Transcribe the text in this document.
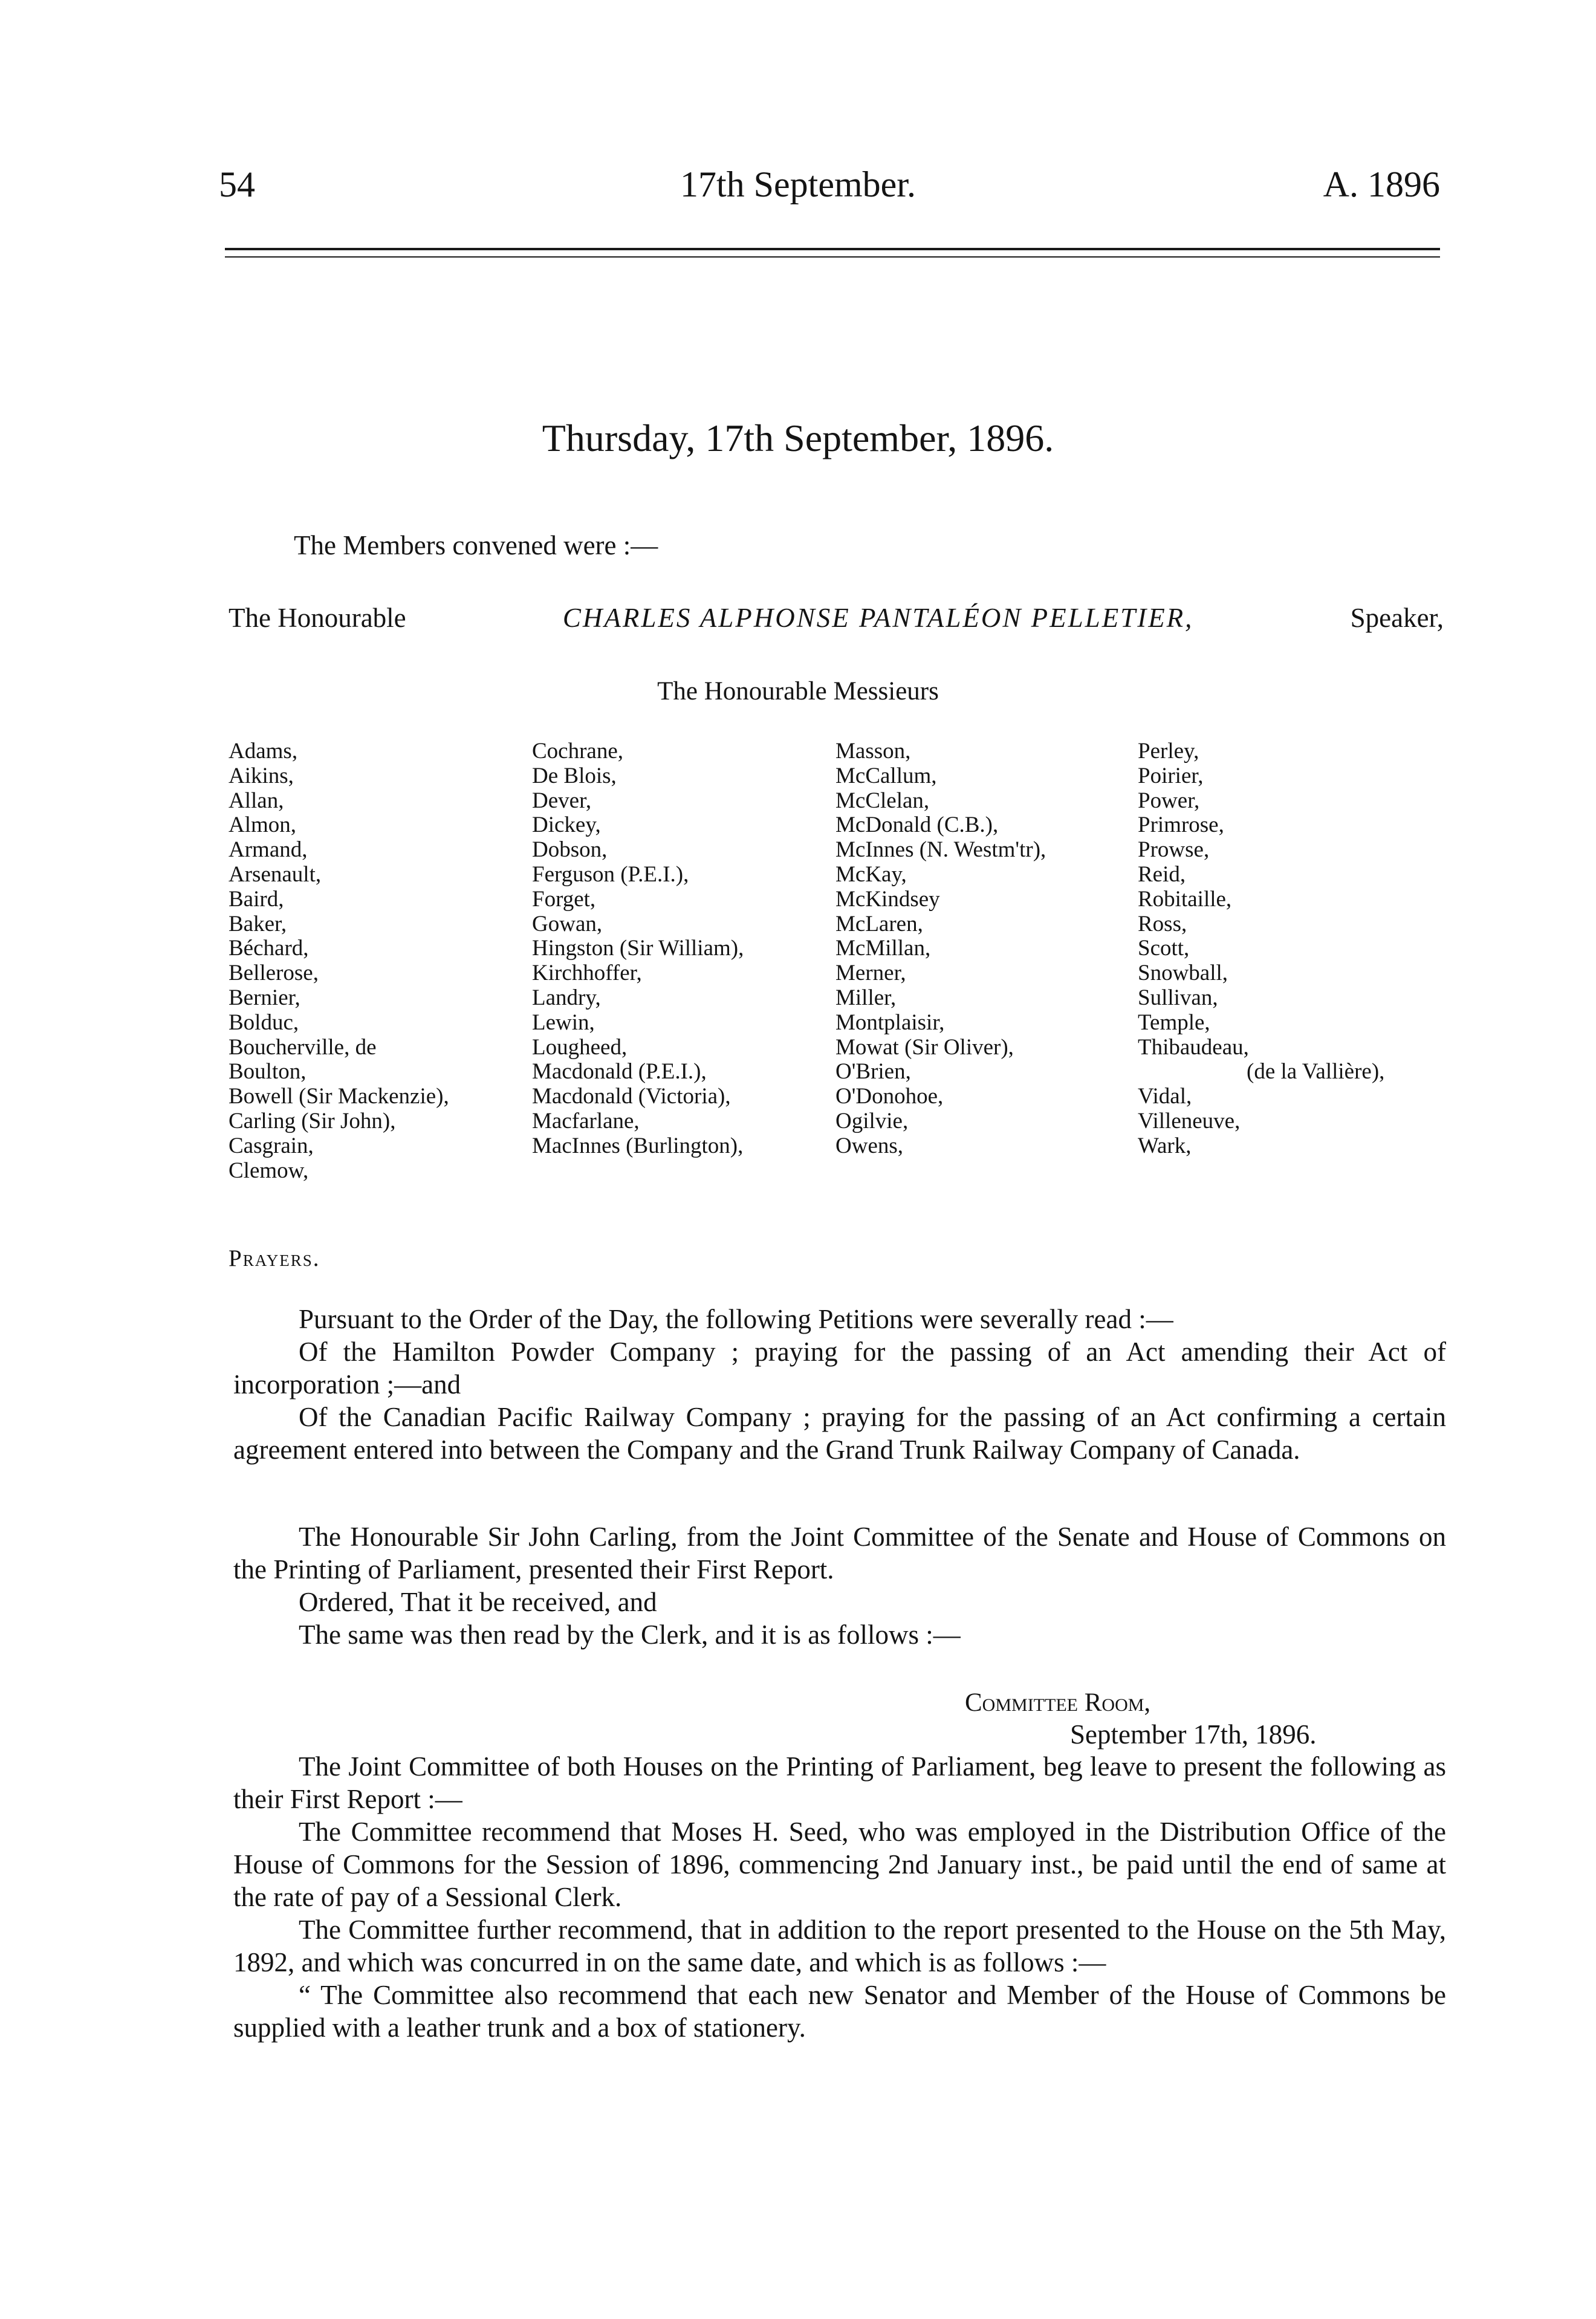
54	17th September.	A. 1896
Thursday, 17th September, 1896.
The Members convened were :—
The Honourable	CHARLES ALPHONSE PANTALÉON PELLETIER,	Speaker,
The Honourable Messieurs
Adams,
Aikins,
Allan,
Almon,
Armand,
Arsenault,
Baird,
Baker,
Béchard,
Bellerose,
Bernier,
Bolduc,
Boucherville, de
Boulton,
Bowell (Sir Mackenzie),
Carling (Sir John),
Casgrain,
Clemow,
Cochrane,
De Blois,
Dever,
Dickey,
Dobson,
Ferguson (P.E.I.),
Forget,
Gowan,
Hingston (Sir William),
Kirchhoffer,
Landry,
Lewin,
Lougheed,
Macdonald (P.E.I.),
Macdonald (Victoria),
Macfarlane,
MacInnes (Burlington),
Masson,
McCallum,
McClelan,
McDonald (C.B.),
McInnes (N. Westm'tr),
McKay,
McKindsey
McLaren,
McMillan,
Merner,
Miller,
Montplaisir,
Mowat (Sir Oliver),
O'Brien,
O'Donohoe,
Ogilvie,
Owens,
Perley,
Poirier,
Power,
Primrose,
Prowse,
Reid,
Robitaille,
Ross,
Scott,
Snowball,
Sullivan,
Temple,
Thibaudeau,
(de la Vallière),
Vidal,
Villeneuve,
Wark,
Prayers.

Pursuant to the Order of the Day, the following Petitions were severally read :—

Of the Hamilton Powder Company ; praying for the passing of an Act amending their Act of incorporation ;—and

Of the Canadian Pacific Railway Company ; praying for the passing of an Act confirming a certain agreement entered into between the Company and the Grand Trunk Railway Company of Canada.

The Honourable Sir John Carling, from the Joint Committee of the Senate and House of Commons on the Printing of Parliament, presented their First Report.

Ordered, That it be received, and

The same was then read by the Clerk, and it is as follows :—

Committee Room,
September 17th, 1896.

The Joint Committee of both Houses on the Printing of Parliament, beg leave to present the following as their First Report :—

The Committee recommend that Moses H. Seed, who was employed in the Distribution Office of the House of Commons for the Session of 1896, commencing 2nd January inst., be paid until the end of same at the rate of pay of a Sessional Clerk.

The Committee further recommend, that in addition to the report presented to the House on the 5th May, 1892, and which was concurred in on the same date, and which is as follows :—

“ The Committee also recommend that each new Senator and Member of the House of Commons be supplied with a leather trunk and a box of stationery.
